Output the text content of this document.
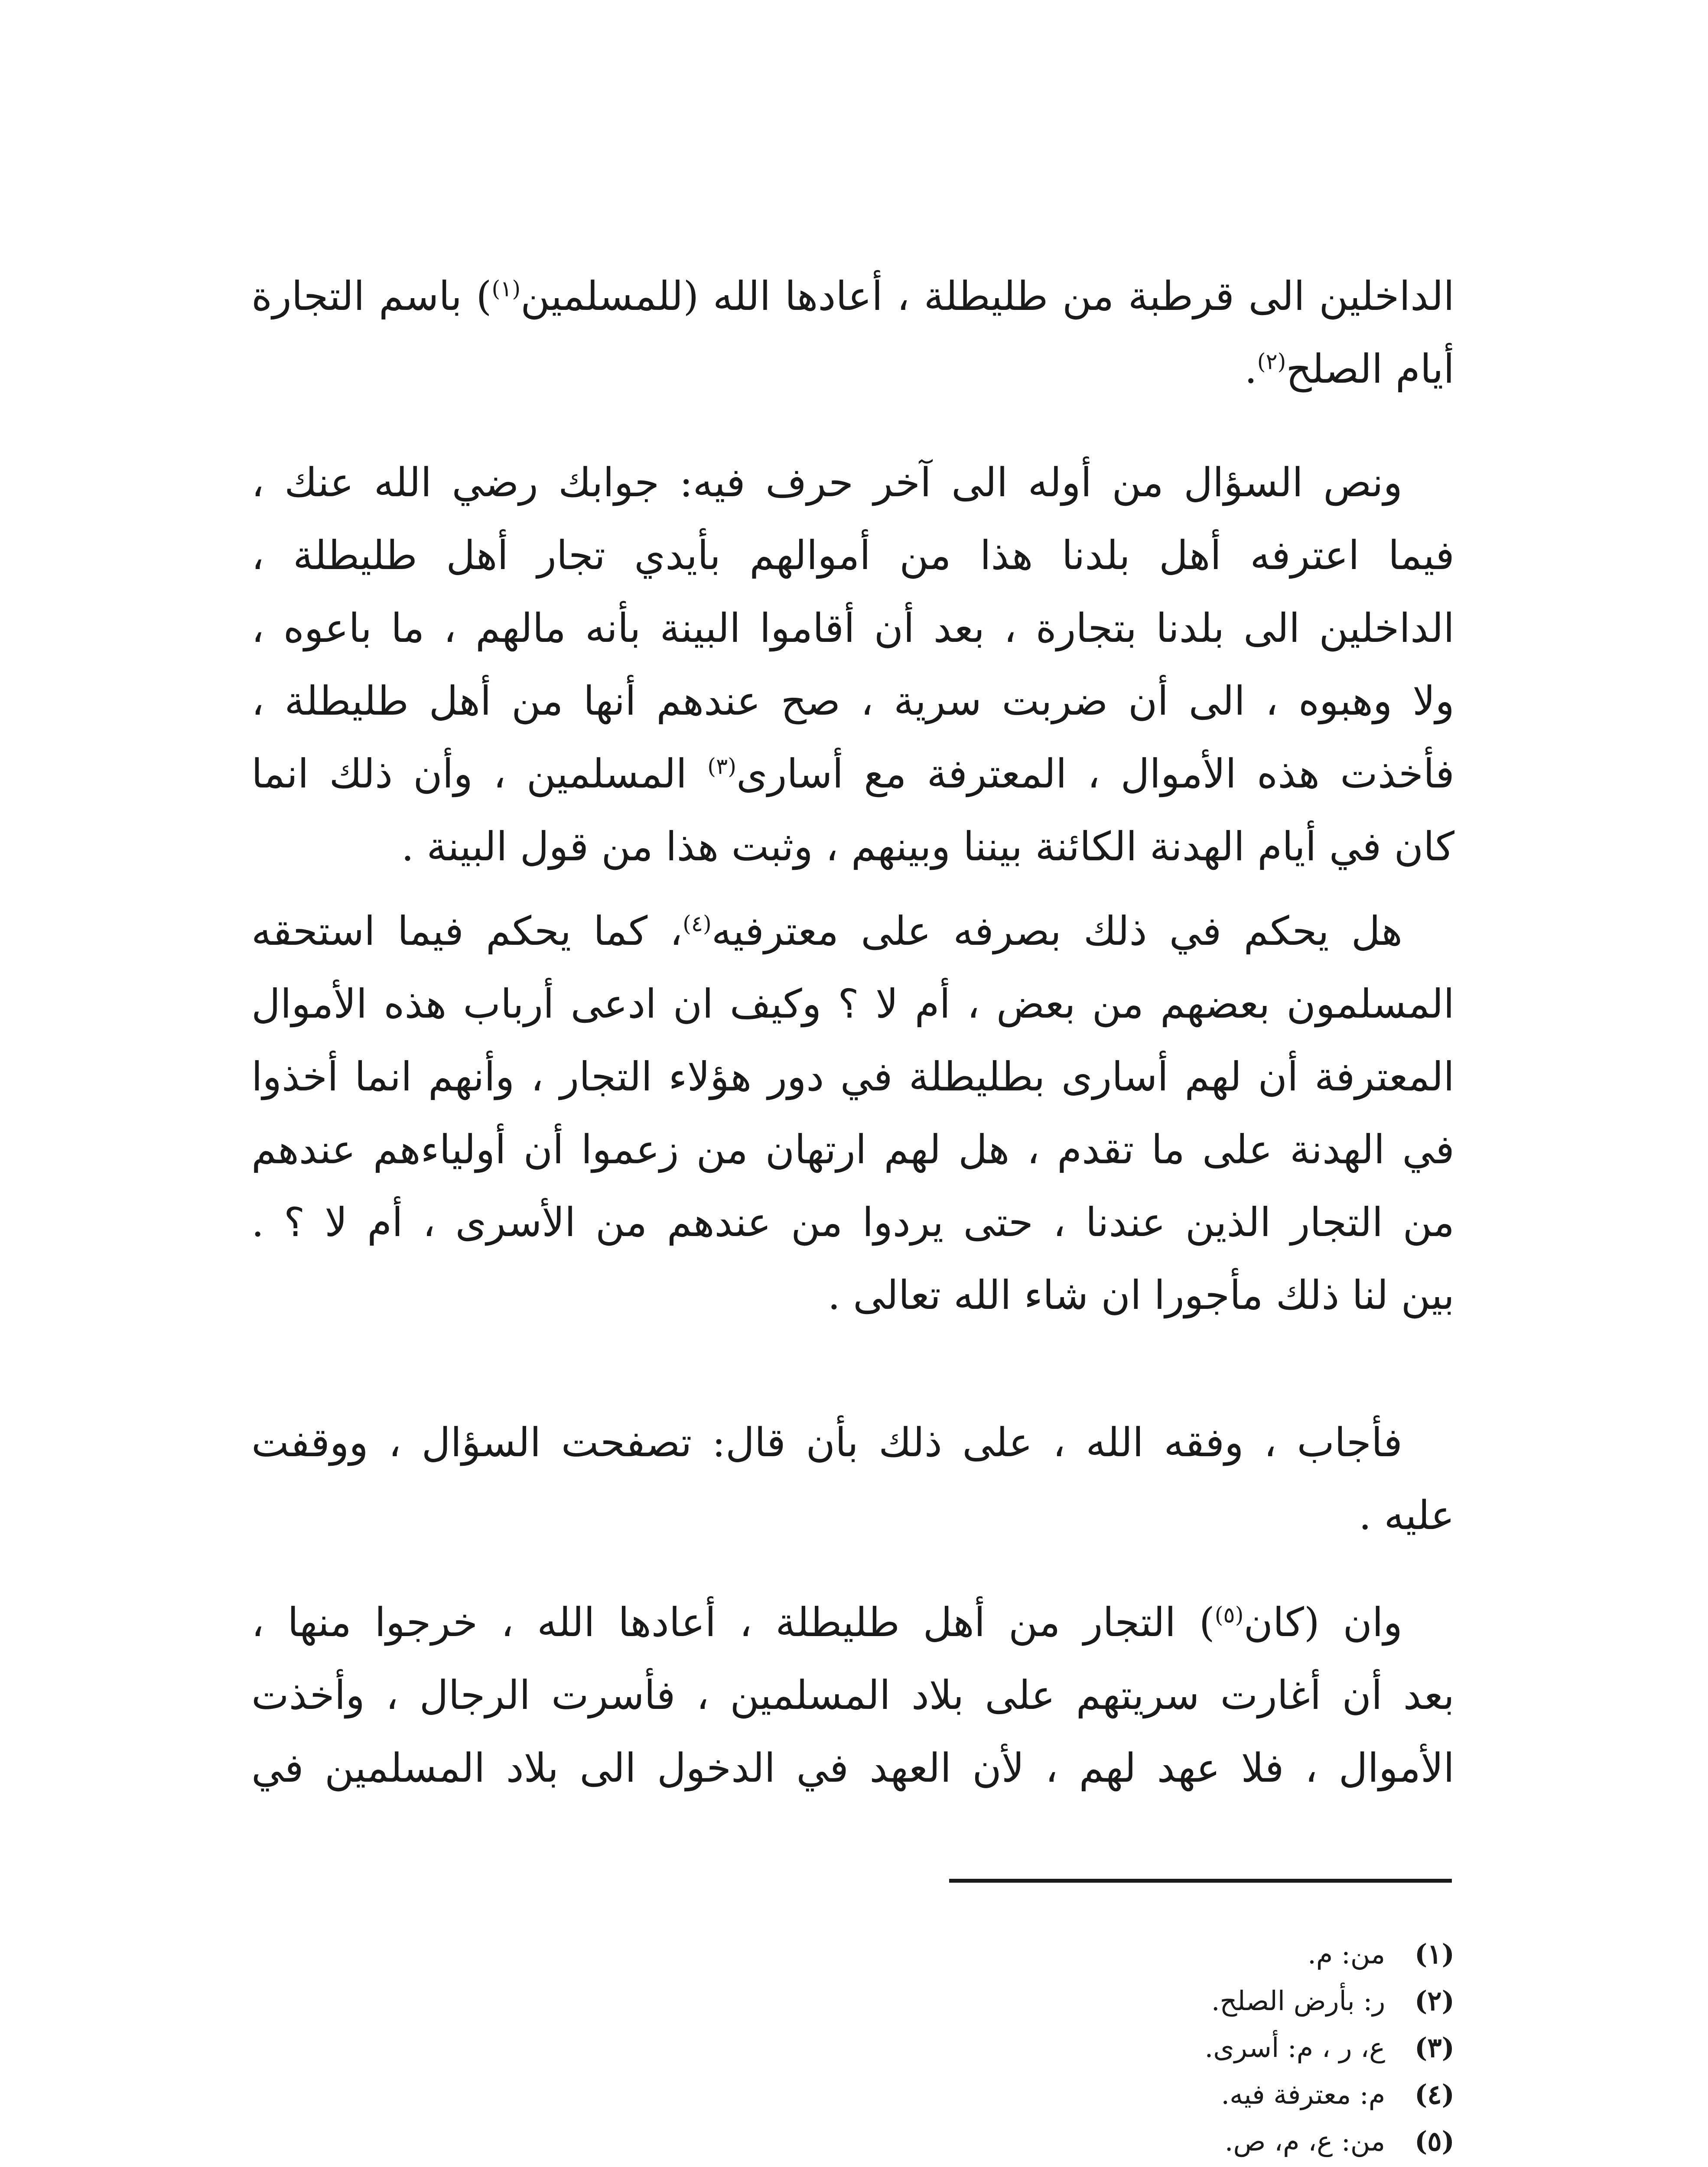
الداخلين الى قرطبة من طليطلة ، أعادها الله (للمسلمين$^{(١)}$) باسم التجارة
أيام الصلح$^{(٢)}$.
ونص السؤال من أوله الى آخر حرف فيه: جوابك رضي الله عنك ،
فيما اعترفه أهل بلدنا هذا من أموالهم بأيدي تجار أهل طليطلة ،
الداخلين الى بلدنا بتجارة ، بعد أن أقاموا البينة بأنه مالهم ، ما باعوه ،
ولا وهبوه ، الى أن ضربت سرية ، صح عندهم أنها من أهل طليطلة ،
فأخذت هذه الأموال ، المعترفة مع أسارى$^{(٣)}$ المسلمين ، وأن ذلك انما
كان في أيام الهدنة الكائنة بيننا وبينهم ، وثبت هذا من قول البينة .
هل يحكم في ذلك بصرفه على معترفيه$^{(٤)}$، كما يحكم فيما استحقه
المسلمون بعضهم من بعض ، أم لا ؟ وكيف ان ادعى أرباب هذه الأموال
المعترفة أن لهم أسارى بطليطلة في دور هؤلاء التجار ، وأنهم انما أخذوا
في الهدنة على ما تقدم ، هل لهم ارتهان من زعموا أن أولياءهم عندهم
من التجار الذين عندنا ، حتى يردوا من عندهم من الأسرى ، أم لا ؟ .
بين لنا ذلك مأجورا ان شاء الله تعالى .
فأجاب ، وفقه الله ، على ذلك بأن قال: تصفحت السؤال ، ووقفت
عليه .
وان (كان$^{(٥)}$) التجار من أهل طليطلة ، أعادها الله ، خرجوا منها ،
بعد أن أغارت سريتهم على بلاد المسلمين ، فأسرت الرجال ، وأخذت
الأموال ، فلا عهد لهم ، لأن العهد في الدخول الى بلاد المسلمين في
(١) من: م.
(٢) ر: بأرض الصلح.
(٣) ع، ر ، م: أسرى.
(٤) م: معترفة فيه.
(٥) من: ع، م، ص.
